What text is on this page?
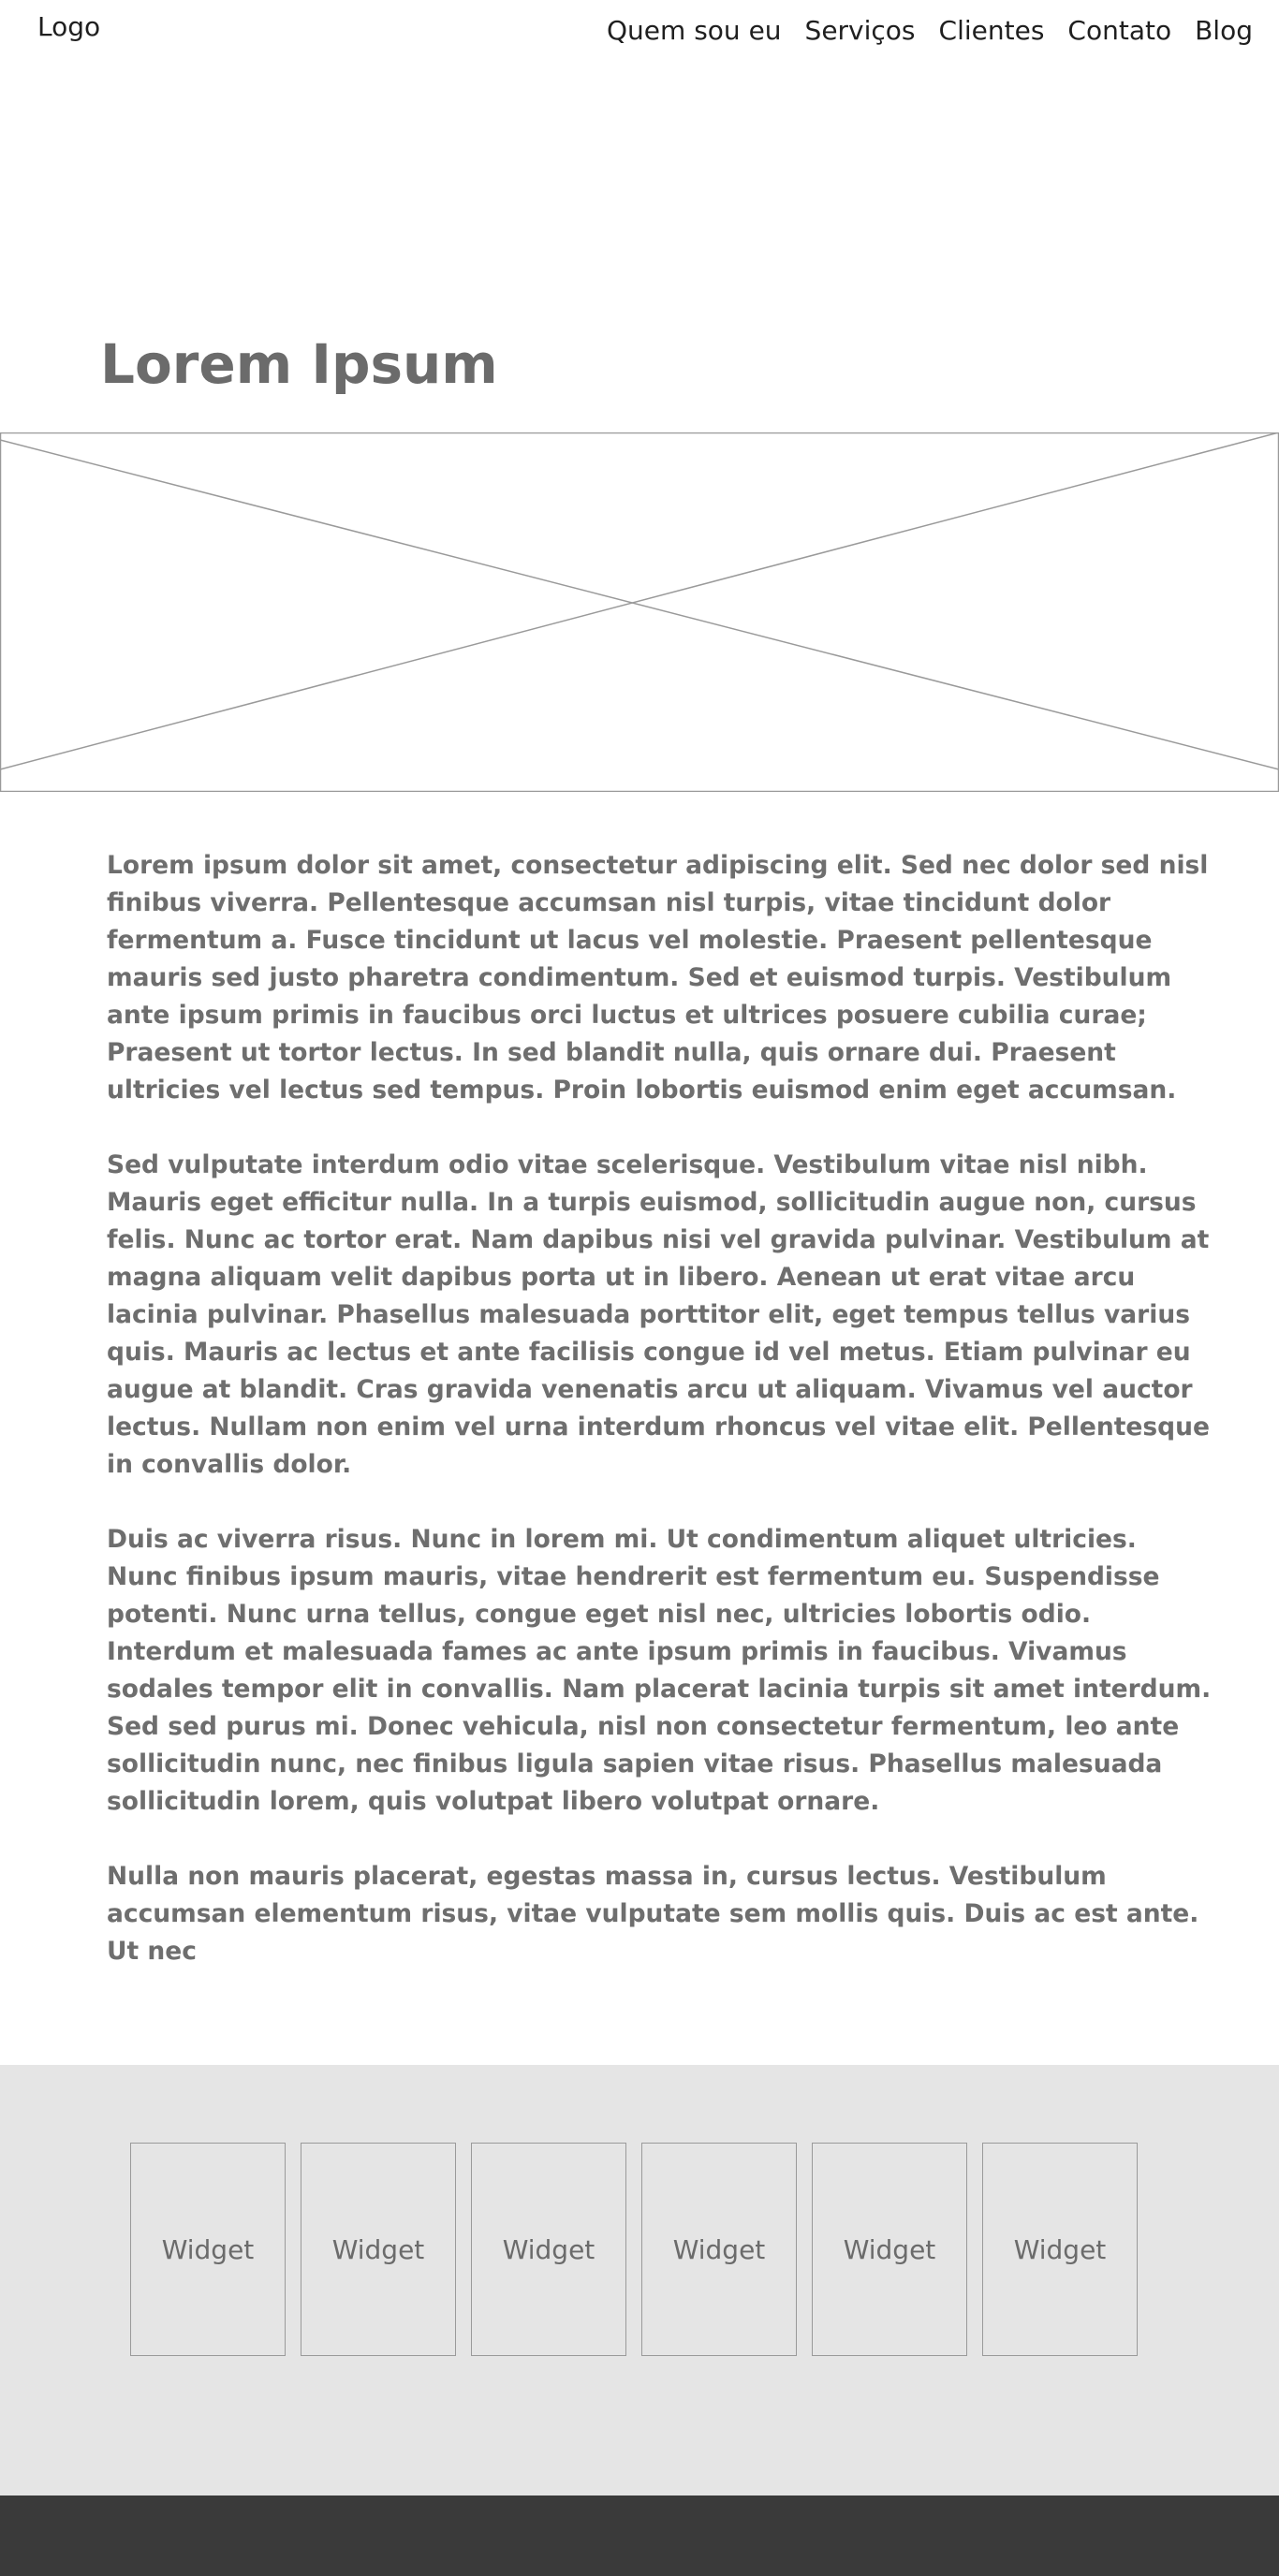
Logo	Quem sou eu Serviços Clientes Contato Blog
Lorem Ipsum

Lorem ipsum dolor sit amet, consectetur adipiscing elit. Sed nec dolor sed nisl finibus viverra. Pellentesque accumsan nisl turpis, vitae tincidunt dolor fermentum a. Fusce tincidunt ut lacus vel molestie. Praesent pellentesque mauris sed justo pharetra condimentum. Sed et euismod turpis. Vestibulum ante ipsum primis in faucibus orci luctus et ultrices posuere cubilia curae; Praesent ut tortor lectus. In sed blandit nulla, quis ornare dui. Praesent ultricies vel lectus sed tempus. Proin lobortis euismod enim eget accumsan.

Sed vulputate interdum odio vitae scelerisque. Vestibulum vitae nisl nibh. Mauris eget efficitur nulla. In a turpis euismod, sollicitudin augue non, cursus felis. Nunc ac tortor erat. Nam dapibus nisi vel gravida pulvinar. Vestibulum at magna aliquam velit dapibus porta ut in libero. Aenean ut erat vitae arcu lacinia pulvinar. Phasellus malesuada porttitor elit, eget tempus tellus varius quis. Mauris ac lectus et ante facilisis congue id vel metus. Etiam pulvinar eu augue at blandit. Cras gravida venenatis arcu ut aliquam. Vivamus vel auctor lectus. Nullam non enim vel urna interdum rhoncus vel vitae elit. Pellentesque in convallis dolor.

Duis ac viverra risus. Nunc in lorem mi. Ut condimentum aliquet ultricies. Nunc finibus ipsum mauris, vitae hendrerit est fermentum eu. Suspendisse potenti. Nunc urna tellus, congue eget nisl nec, ultricies lobortis odio. Interdum et malesuada fames ac ante ipsum primis in faucibus. Vivamus sodales tempor elit in convallis. Nam placerat lacinia turpis sit amet interdum. Sed sed purus mi. Donec vehicula, nisl non consectetur fermentum, leo ante sollicitudin nunc, nec finibus ligula sapien vitae risus. Phasellus malesuada sollicitudin lorem, quis volutpat libero volutpat ornare.

Nulla non mauris placerat, egestas massa in, cursus lectus. Vestibulum accumsan elementum risus, vitae vulputate sem mollis quis. Duis ac est ante. Ut nec

Widget	Widget	Widget	Widget	Widget	Widget
